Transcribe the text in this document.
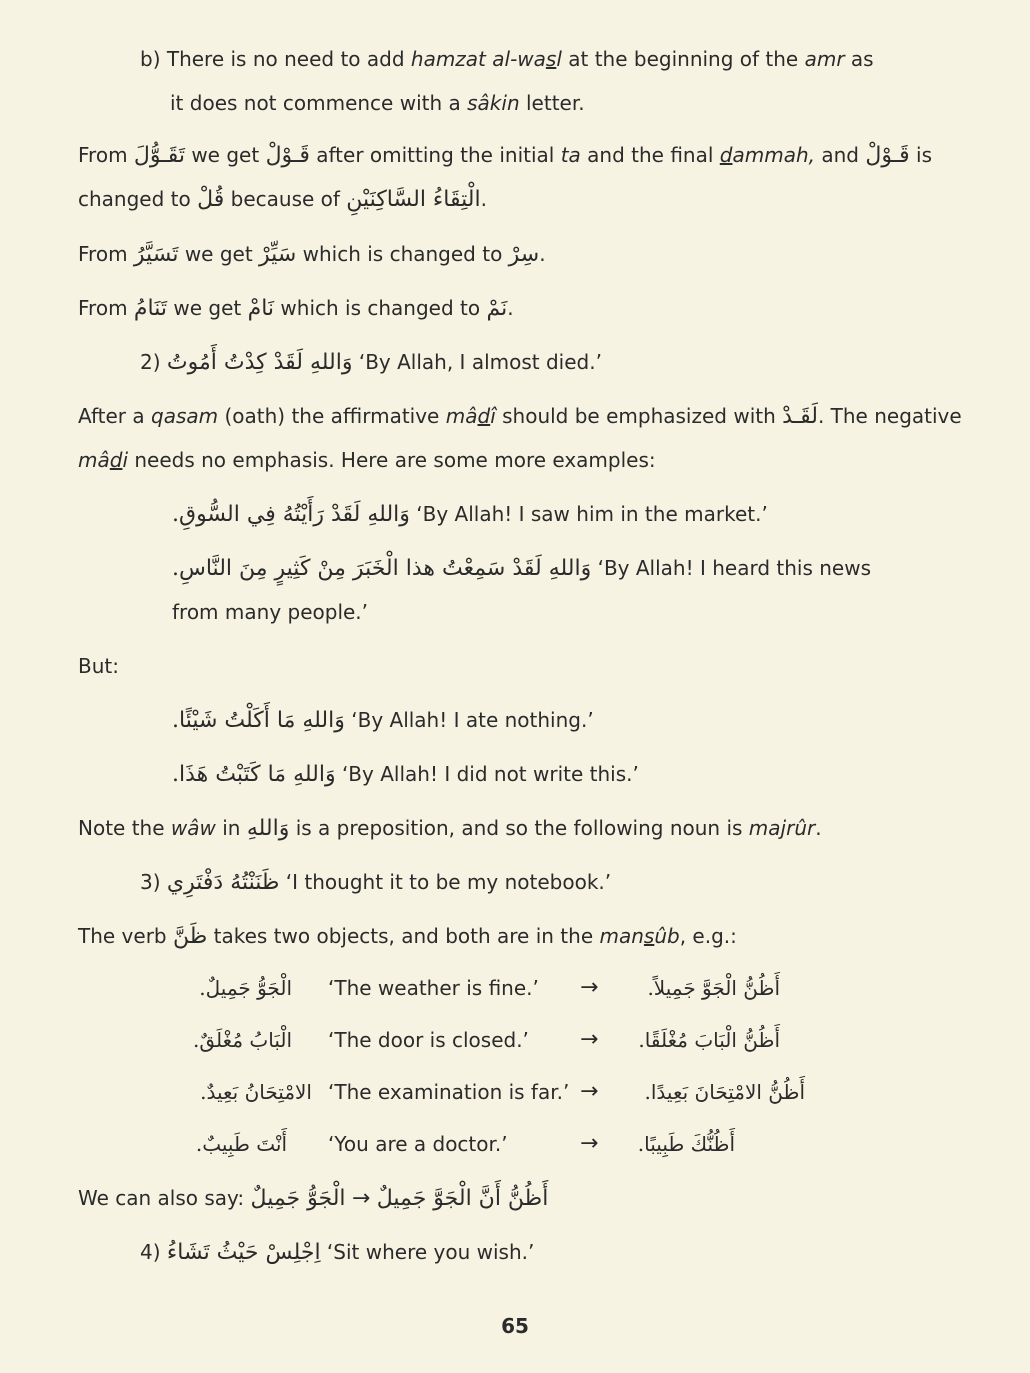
b) There is no need to add hamzat al-wasl at the beginning of the amr as
it does not commence with a sâkin letter.
From تَقَـوُّلَ we get قَـوْلْ after omitting the initial ta and the final dammah, and قَـوْلْ is
changed to قُلْ because of الْتِقَاءُ السَّاكِنَيْنِ.
From تَسَيَّرُ we get سَيِّرْ which is changed to سِرْ.
From تَنَامُ we get نَامْ which is changed to نَمْ.
2) وَاللهِ لَقَدْ كِدْتُ أَمُوتُ ‘By Allah, I almost died.’
After a qasam (oath) the affirmative mâdî should be emphasized with لَقَـدْ. The negative
mâdi needs no emphasis. Here are some more examples:
وَاللهِ لَقَدْ رَأَيْتُهُ فِي السُّوقِ. ‘By Allah! I saw him in the market.’
وَاللهِ لَقَدْ سَمِعْتُ هذا الْخَبَرَ مِنْ كَثِيرٍ مِنَ النَّاسِ. ‘By Allah! I heard this news
from many people.’
But:
وَاللهِ مَا أَكَلْتُ شَيْئًا. ‘By Allah! I ate nothing.’
وَاللهِ مَا كَتَبْتُ هَذَا. ‘By Allah! I did not write this.’
Note the wâw in وَاللهِ is a preposition, and so the following noun is majrûr.
3) ظَنَنْتُهُ دَفْتَرِي ‘I thought it to be my notebook.’
The verb ظَنَّ takes two objects, and both are in the mansûb, e.g.:
الْجَوُّ جَمِيلٌ. ‘The weather is fine.’ →	أَظُنُّ الْجَوَّ جَمِيلاً.
الْبَابُ مُغْلَقٌ. ‘The door is closed.’ →	أَظُنُّ الْبَابَ مُغْلَقًا.
الامْتِحَانُ بَعِيدٌ. ‘The examination is far.’ →	أَظُنُّ الامْتِحَانَ بَعِيدًا.
أَنْتَ طَبِيبٌ. ‘You are a doctor.’	→	أَظُنُّكَ طَبِيبًا.
We can also say: الْجَوُّ جَمِيلٌ → أَظُنُّ أَنَّ الْجَوَّ جَمِيلٌ
4) اِجْلِسْ حَيْثُ تَشَاءُ ‘Sit where you wish.’
65
